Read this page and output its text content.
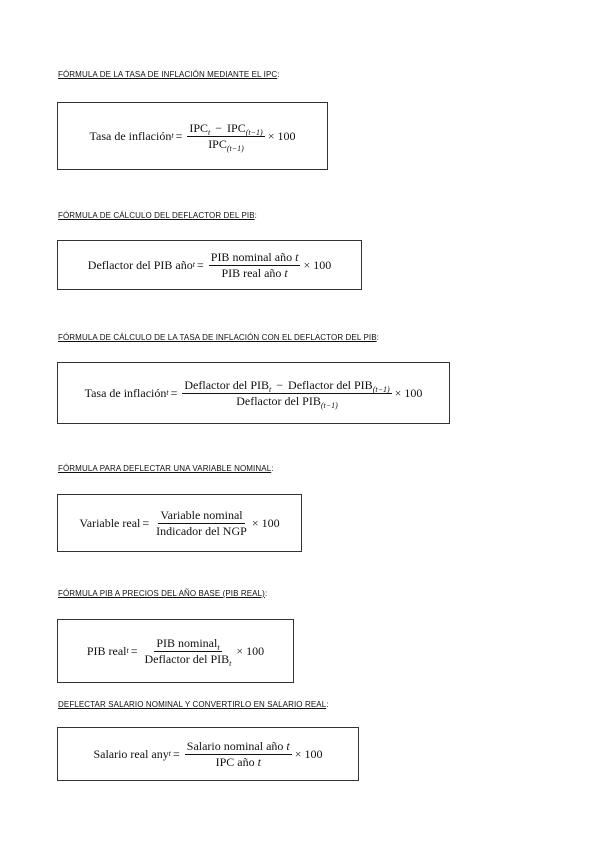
FÓRMULA DE LA TASA DE INFLACIÓN MEDIANTE EL IPC:
Tasa de inflación $t = \frac{IPC_t - IPC_{(t-1)}}{IPC_{(t-1)}} \times 100$
FÓRMULA DE CÁLCULO DEL DEFLACTOR DEL PIB:
Deflactor del PIB año $t = \frac{\text{PIB nominal año t}}{\text{PIB real año t}} \times 100$
FÓRMULA DE CÁLCULO DE LA TASA DE INFLACIÓN CON EL DEFLACTOR DEL PIB:
Tasa de inflación $t = \frac{Deflactor del PIB_t - Deflactor del PIB_{(t-1)}}{Deflactor del PIB_{(t-1)}} \times 100$
FÓRMULA PARA DEFLECTAR UNA VARIABLE NOMINAL:
Variable real = $\frac{\text{Variable nominal}}{\text{Indicador del NGP}} \times 100$
FÓRMULA PIB A PRECIOS DEL AÑO BASE (PIB REAL):
PIB real $t = \frac{PIB nominal_t}{Deflactor del PIB_t} \times 100$
DEFLECTAR SALARIO NOMINAL Y CONVERTIRLO EN SALARIO REAL:
Salario real any $t = \frac{\text{Salario nominal año t}}{\text{IPC año t}} \times 100$
